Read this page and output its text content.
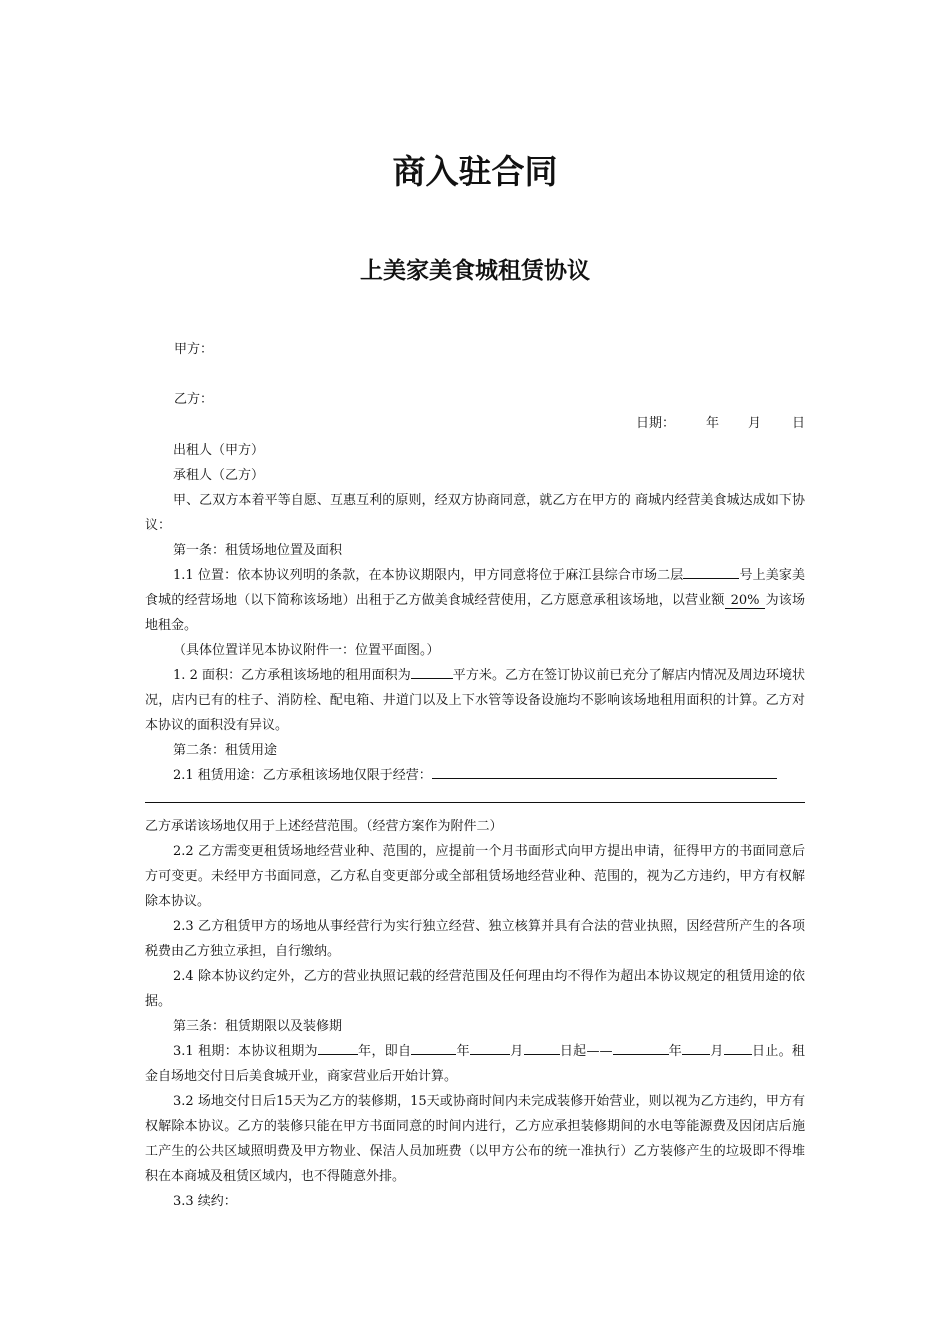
商入驻合同
上美家美食城租赁协议
甲方：
乙方：
日期：	年	月	日

出租人（甲方）

承租人（乙方）

甲、乙双方本着平等自愿、互惠互利的原则，经双方协商同意，就乙方在甲方的 商城内经营美食城达成如下协议：

第一条：租赁场地位置及面积

1.1 位置：依本协议列明的条款，在本协议期限内，甲方同意将位于麻江县综合市场二层	号上美家美食城的经营场地（以下简称该场地）出租于乙方做美食城经营使用，乙方愿意承租该场地，以营业额 20% 为该场地租金。

（具体位置详见本协议附件一：位置平面图。）

1. 2 面积：乙方承租该场地的租用面积为	平方米。乙方在签订协议前已充分了解店内情况及周边环境状况，店内已有的柱子、消防栓、配电箱、井道门以及上下水管等设备设施均不影响该场地租用面积的计算。乙方对本协议的面积没有异议。

第二条：租赁用途

2.1 租赁用途：乙方承租该场地仅限于经营：

乙方承诺该场地仅用于上述经营范围。（经营方案作为附件二）

2.2 乙方需变更租赁场地经营业种、范围的，应提前一个月书面形式向甲方提出申请，征得甲方的书面同意后方可变更。未经甲方书面同意，乙方私自变更部分或全部租赁场地经营业种、范围的，视为乙方违约，甲方有权解除本协议。

2.3 乙方租赁甲方的场地从事经营行为实行独立经营、独立核算并具有合法的营业执照，因经营所产生的各项税费由乙方独立承担，自行缴纳。

2.4 除本协议约定外，乙方的营业执照记载的经营范围及任何理由均不得作为超出本协议规定的租赁用途的依据。

第三条：租赁期限以及装修期

3.1 租期：本协议租期为	年，即自	年	月	日起——	年 月 日止。租金自场地交付日后美食城开业，商家营业后开始计算。

3.2 场地交付日后15天为乙方的装修期，15天或协商时间内未完成装修开始营业，则以视为乙方违约，甲方有权解除本协议。乙方的装修只能在甲方书面同意的时间内进行，乙方应承担装修期间的水电等能源费及因闭店后施工产生的公共区域照明费及甲方物业、保洁人员加班费（以甲方公布的统一准执行）乙方装修产生的垃圾即不得堆积在本商城及租赁区域内，也不得随意外排。

3.3 续约：
